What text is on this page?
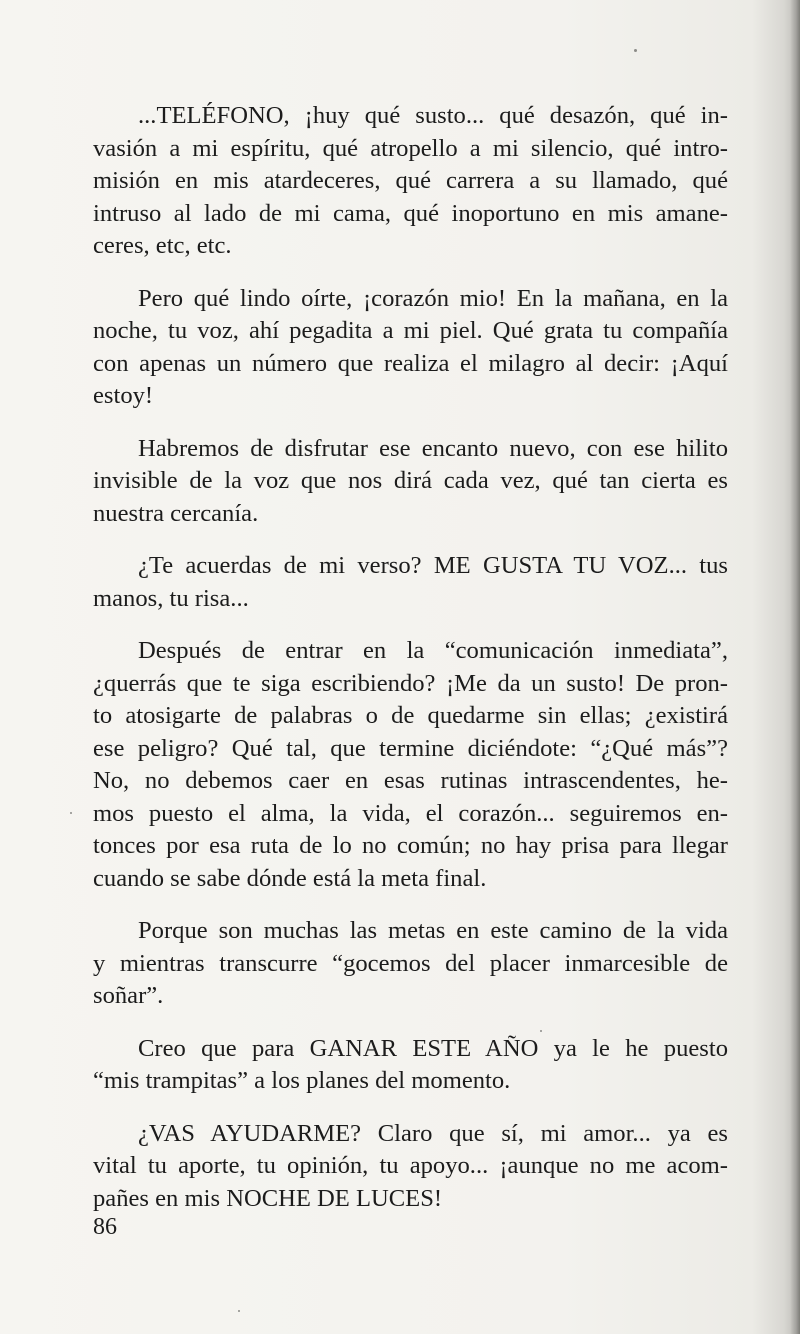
...TELÉFONO, ¡huy qué susto... qué desazón, qué in-
vasión a mi espíritu, qué atropello a mi silencio, qué intro-
misión en mis atardeceres, qué carrera a su llamado, qué
intruso al lado de mi cama, qué inoportuno en mis amane-
ceres, etc, etc.

Pero qué lindo oírte, ¡corazón mio! En la mañana, en la
noche, tu voz, ahí pegadita a mi piel. Qué grata tu compañía
con apenas un número que realiza el milagro al decir: ¡Aquí
estoy!

Habremos de disfrutar ese encanto nuevo, con ese hilito
invisible de la voz que nos dirá cada vez, qué tan cierta es
nuestra cercanía.

¿Te acuerdas de mi verso? ME GUSTA TU VOZ... tus
manos, tu risa...

Después de entrar en la “comunicación inmediata”,
¿querrás que te siga escribiendo? ¡Me da un susto! De pron-
to atosigarte de palabras o de quedarme sin ellas; ¿existirá
ese peligro? Qué tal, que termine diciéndote: “¿Qué más”?
No, no debemos caer en esas rutinas intrascendentes, he-
mos puesto el alma, la vida, el corazón... seguiremos en-
tonces por esa ruta de lo no común; no hay prisa para llegar
cuando se sabe dónde está la meta final.

Porque son muchas las metas en este camino de la vida
y mientras transcurre “gocemos del placer inmarcesible de
soñar”.

Creo que para GANAR ESTE AÑO ya le he puesto
“mis trampitas” a los planes del momento.

¿VAS AYUDARME? Claro que sí, mi amor... ya es
vital tu aporte, tu opinión, tu apoyo... ¡aunque no me acom-
pañes en mis NOCHE DE LUCES!

86
